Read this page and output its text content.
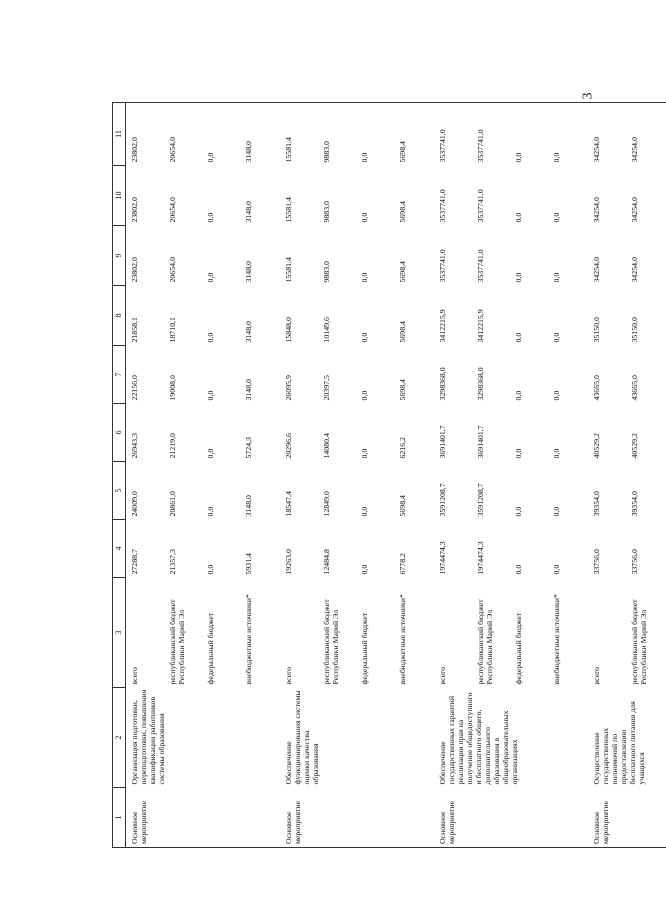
3
1	2	3	4	5	6	7	8	9	10	11
Основное мероприятие	Организация подготовки, переподготовки, повышения квалификации работников системы образования	всего	27288,7	24009,0	26943,3	22156,0	21858,1	23802,0	23802,0	23802,0
		республиканский бюджет Республики Марий Эл	21357,3	20861,0	21219,0	19008,0	18710,1	20654,0	20654,0	20654,0
		федеральный бюджет	0,0	0,0	0,0	0,0	0,0	0,0	0,0	0,0
		внебюджетные источники*	5931,4	3148,0	5724,3	3148,0	3148,0	3148,0	3148,0	3148,0
Основное мероприятие	Обеспечение функционирования системы оценки качества образования	всего	19263,0	18547,4	20296,6	26095,9	15848,0	15581,4	15581,4	15581,4
		республиканский бюджет Республики Марий Эл	12484,8	12849,0	14080,4	20397,5	10149,6	9883,0	9883,0	9883,0
		федеральный бюджет	0,0	0,0	0,0	0,0	0,0	0,0	0,0	0,0
		внебюджетные источники*	6778,2	5698,4	6216,2	5698,4	5698,4	5698,4	5698,4	5698,4
Основное мероприятие	Обеспечение государственных гарантий реализации прав на получение общедоступного и бесплатного общего, дополнительного образования в общеобразовательных организациях	всего	1974474,3	3591208,7	3691401,7	3298368,0	3412215,9	3537741,0	3537741,0	3537741,0
		республиканский бюджет Республики Марий Эл	1974474,3	3591208,7	3691401,7	3298368,0	3412215,9	3537741,0	3537741,0	3537741,0
		федеральный бюджет	0,0	0,0	0,0	0,0	0,0	0,0	0,0	0,0
		внебюджетные источники*	0,0	0,0	0,0	0,0	0,0	0,0	0,0	0,0
Основное мероприятие	Осуществление государственных полномочий по предоставлению бесплатного питания для учащихся	всего	33756,0	39354,0	40529,2	43665,0	35150,0	34254,0	34254,0	34254,0
		республиканский бюджет Республики Марий Эл	33756,0	39354,0	40529,2	43665,0	35150,0	34254,0	34254,0	34254,0
